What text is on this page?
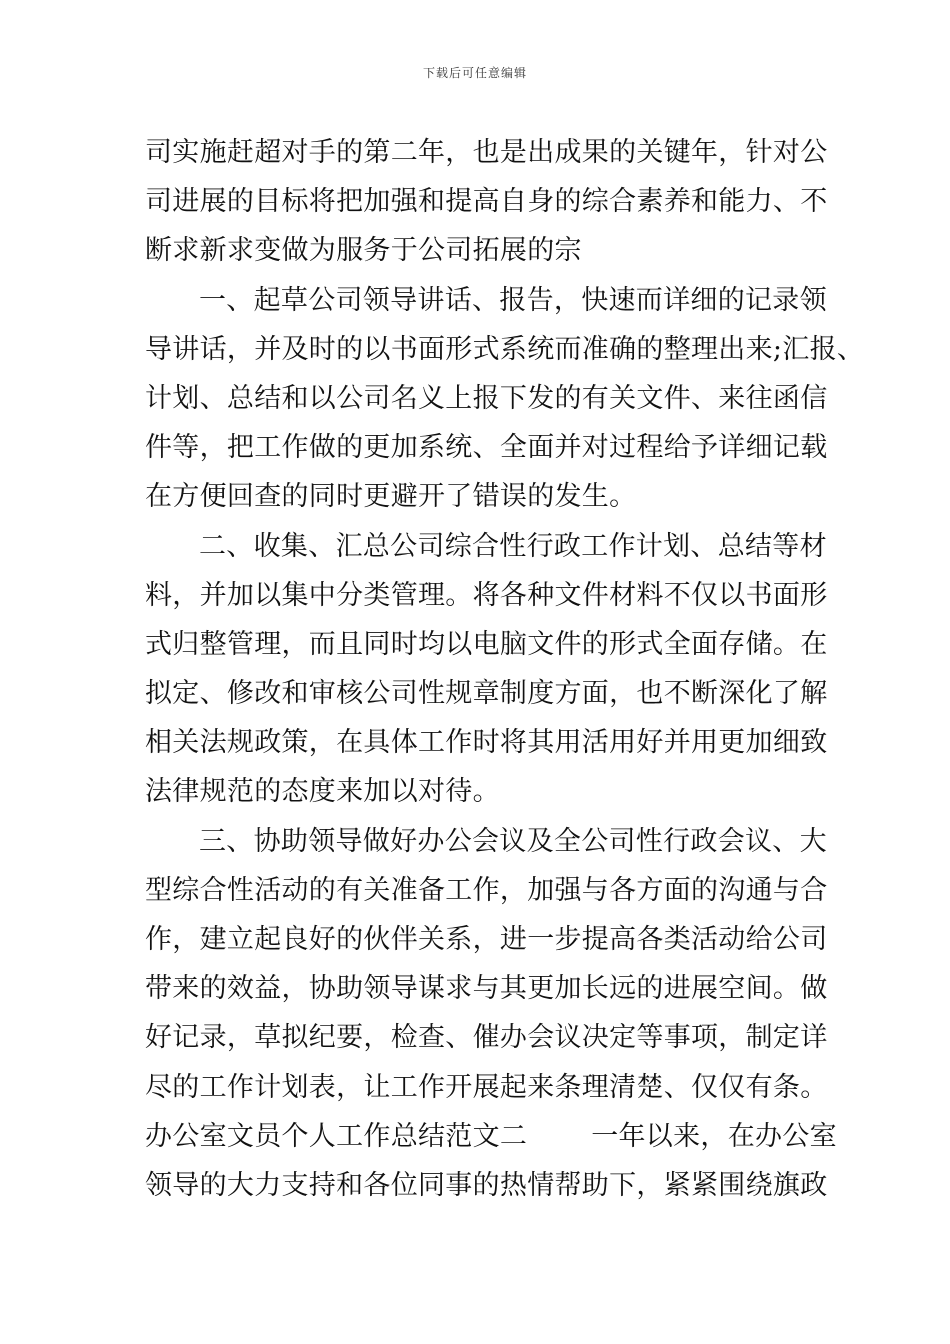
下载后可任意编辑
司实施赶超对手的第二年，也是出成果的关键年，针对公
司进展的目标将把加强和提高自身的综合素养和能力、不
断求新求变做为服务于公司拓展的宗
一、起草公司领导讲话、报告，快速而详细的记录领
导讲话，并及时的以书面形式系统而准确的整理出来;汇报、
计划、总结和以公司名义上报下发的有关文件、来往函信
件等，把工作做的更加系统、全面并对过程给予详细记载
在方便回查的同时更避开了错误的发生。
二、收集、汇总公司综合性行政工作计划、总结等材
料，并加以集中分类管理。将各种文件材料不仅以书面形
式归整管理，而且同时均以电脑文件的形式全面存储。在
拟定、修改和审核公司性规章制度方面，也不断深化了解
相关法规政策，在具体工作时将其用活用好并用更加细致
法律规范的态度来加以对待。
三、协助领导做好办公会议及全公司性行政会议、大
型综合性活动的有关准备工作，加强与各方面的沟通与合
作，建立起良好的伙伴关系，进一步提高各类活动给公司
带来的效益，协助领导谋求与其更加长远的进展空间。做
好记录，草拟纪要，检查、催办会议决定等事项，制定详
尽的工作计划表，让工作开展起来条理清楚、仅仅有条。
办公室文员个人工作总结范文二 一年以来，在办公室
领导的大力支持和各位同事的热情帮助下，紧紧围绕旗政
